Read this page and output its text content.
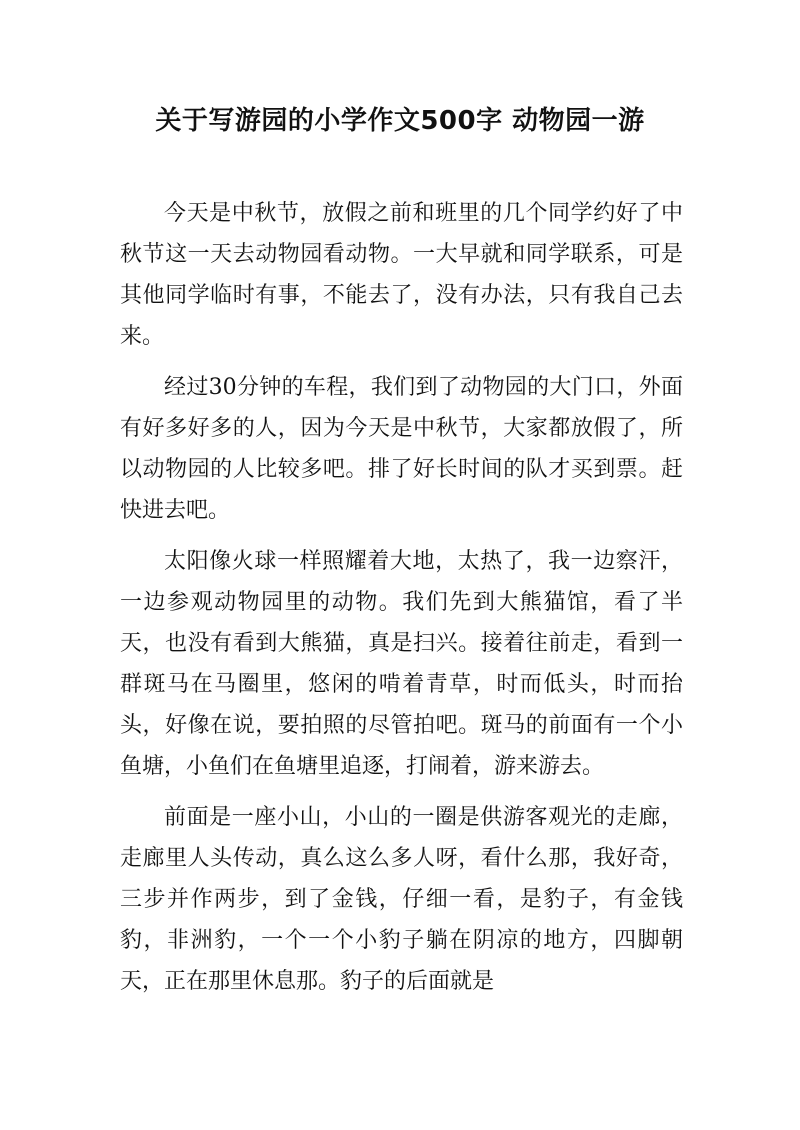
关于写游园的小学作文500字 动物园一游

今天是中秋节，放假之前和班里的几个同学约好了中秋节这一天去动物园看动物。一大早就和同学联系，可是其他同学临时有事，不能去了，没有办法，只有我自己去来。

经过30分钟的车程，我们到了动物园的大门口，外面有好多好多的人，因为今天是中秋节，大家都放假了，所以动物园的人比较多吧。排了好长时间的队才买到票。赶快进去吧。

太阳像火球一样照耀着大地，太热了，我一边察汗，一边参观动物园里的动物。我们先到大熊猫馆，看了半天，也没有看到大熊猫，真是扫兴。接着往前走，看到一群斑马在马圈里，悠闲的啃着青草，时而低头，时而抬头，好像在说，要拍照的尽管拍吧。斑马的前面有一个小鱼塘，小鱼们在鱼塘里追逐，打闹着，游来游去。

前面是一座小山，小山的一圈是供游客观光的走廊，走廊里人头传动，真么这么多人呀，看什么那，我好奇，三步并作两步，到了金钱，仔细一看，是豹子，有金钱豹，非洲豹，一个一个小豹子躺在阴凉的地方，四脚朝天，正在那里休息那。豹子的后面就是
